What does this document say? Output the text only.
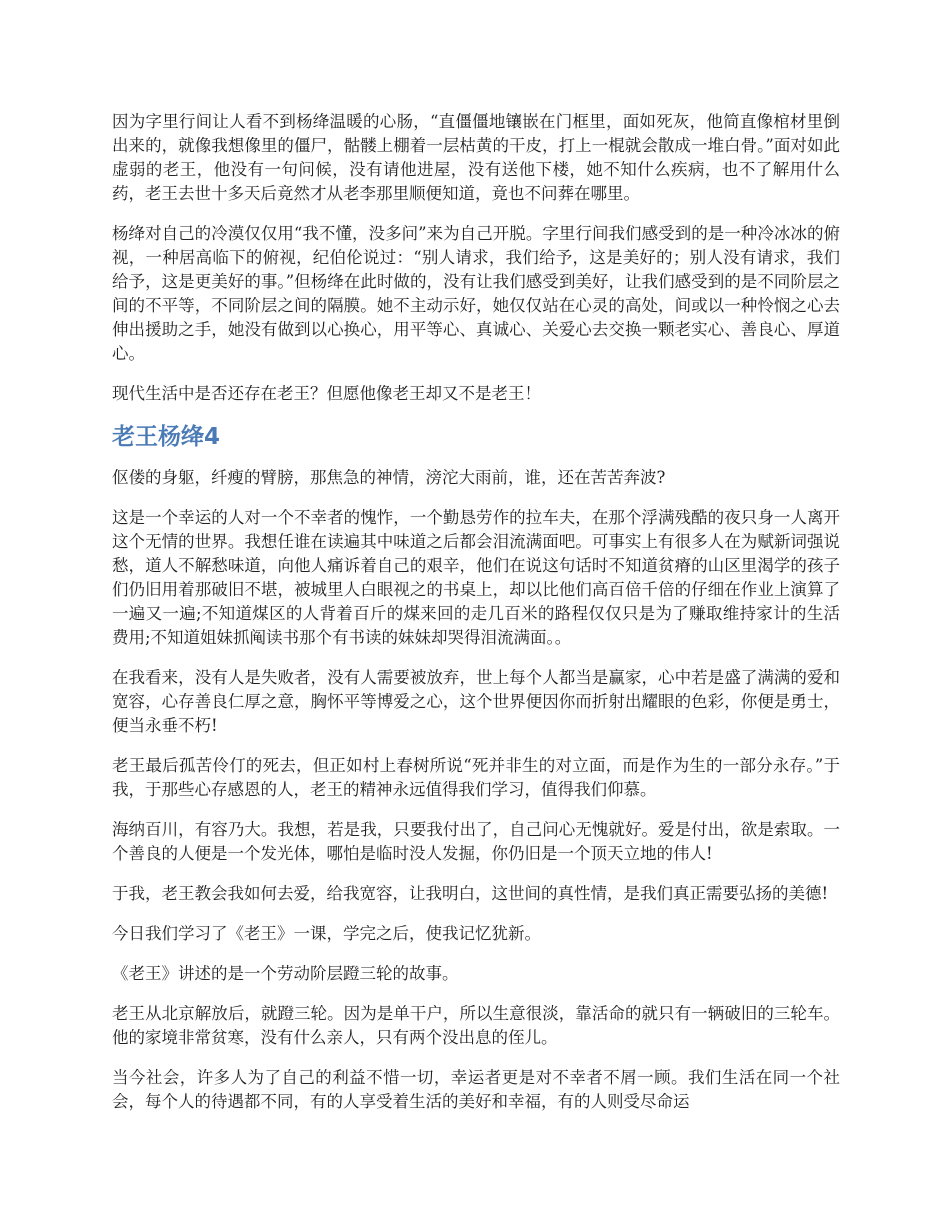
因为字里行间让人看不到杨绛温暖的心肠，“直僵僵地镶嵌在门框里，面如死灰，他简直像棺材里倒出来的，就像我想像里的僵尸，骷髅上棚着一层枯黄的干皮，打上一棍就会散成一堆白骨。”面对如此虚弱的老王，他没有一句问候，没有请他进屋，没有送他下楼，她不知什么疾病，也不了解用什么药，老王去世十多天后竟然才从老李那里顺便知道，竟也不问葬在哪里。

杨绛对自己的冷漠仅仅用“我不懂，没多问”来为自己开脱。字里行间我们感受到的是一种冷冰冰的俯视，一种居高临下的俯视，纪伯伦说过：“别人请求，我们给予，这是美好的；别人没有请求，我们给予，这是更美好的事。”但杨绛在此时做的，没有让我们感受到美好，让我们感受到的是不同阶层之间的不平等，不同阶层之间的隔膜。她不主动示好，她仅仅站在心灵的高处，间或以一种怜悯之心去伸出援助之手，她没有做到以心换心，用平等心、真诚心、关爱心去交换一颗老实心、善良心、厚道心。

现代生活中是否还存在老王？但愿他像老王却又不是老王！

老王杨绛4

伛偻的身躯，纤瘦的臂膀，那焦急的神情，滂沱大雨前，谁，还在苦苦奔波?

这是一个幸运的人对一个不幸者的愧怍，一个勤恳劳作的拉车夫，在那个浮满残酷的夜只身一人离开这个无情的世界。我想任谁在读遍其中味道之后都会泪流满面吧。可事实上有很多人在为赋新词强说愁，道人不解愁味道，向他人痛诉着自己的艰辛，他们在说这句话时不知道贫瘠的山区里渴学的孩子们仍旧用着那破旧不堪，被城里人白眼视之的书桌上，却以比他们高百倍千倍的仔细在作业上演算了一遍又一遍;不知道煤区的人背着百斤的煤来回的走几百米的路程仅仅只是为了赚取维持家计的生活费用;不知道姐妹抓阄读书那个有书读的妹妹却哭得泪流满面。。

在我看来，没有人是失败者，没有人需要被放弃，世上每个人都当是赢家，心中若是盛了满满的爱和宽容，心存善良仁厚之意，胸怀平等博爱之心，这个世界便因你而折射出耀眼的色彩，你便是勇士，便当永垂不朽!

老王最后孤苦伶仃的死去，但正如村上春树所说“死并非生的对立面，而是作为生的一部分永存。”于我，于那些心存感恩的人，老王的精神永远值得我们学习，值得我们仰慕。

海纳百川，有容乃大。我想，若是我，只要我付出了，自己问心无愧就好。爱是付出，欲是索取。一个善良的人便是一个发光体，哪怕是临时没人发掘，你仍旧是一个顶天立地的伟人!

于我，老王教会我如何去爱，给我宽容，让我明白，这世间的真性情，是我们真正需要弘扬的美德!

今日我们学习了《老王》一课，学完之后，使我记忆犹新。

《老王》讲述的是一个劳动阶层蹬三轮的故事。

老王从北京解放后，就蹬三轮。因为是单干户，所以生意很淡，靠活命的就只有一辆破旧的三轮车。他的家境非常贫寒，没有什么亲人，只有两个没出息的侄儿。

当今社会，许多人为了自己的利益不惜一切，幸运者更是对不幸者不屑一顾。我们生活在同一个社会，每个人的待遇都不同，有的人享受着生活的美好和幸福，有的人则受尽命运
